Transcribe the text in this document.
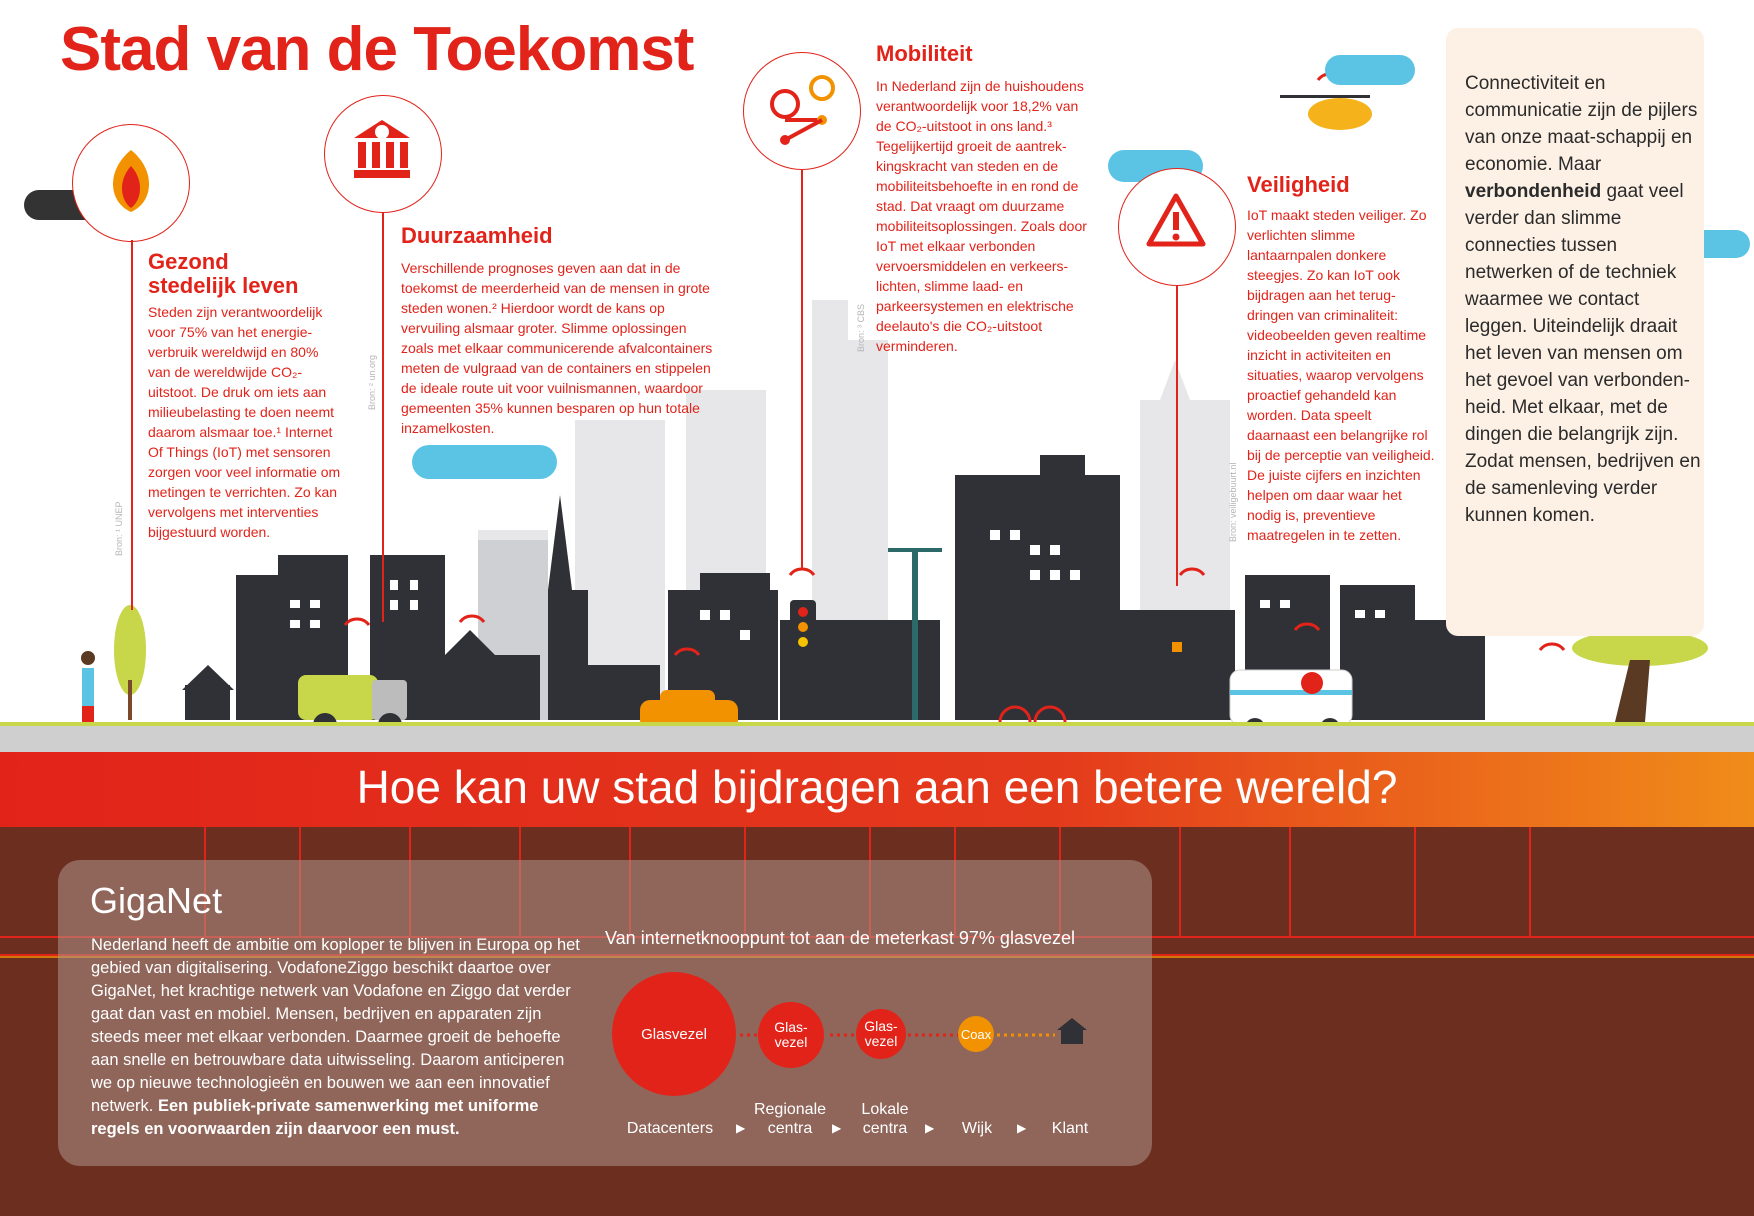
Stad van de Toekomst
Gezond
stedelijk leven
Steden zijn verantwoordelijk voor 75% van het energie-verbruik wereldwijd en 80% van de wereldwijde CO₂-uitstoot. De druk om iets aan milieubelasting te doen neemt daarom alsmaar toe.¹ Internet Of Things (IoT) met sensoren zorgen voor veel informatie om metingen te verrichten. Zo kan vervolgens met interventies bijgestuurd worden.
Bron: ¹ UNEP
Duurzaamheid
Verschillende prognoses geven aan dat in de toekomst de meerderheid van de mensen in grote steden wonen.² Hierdoor wordt de kans op vervuiling alsmaar groter. Slimme oplossingen zoals met elkaar communicerende afvalcontainers meten de vulgraad van de containers en stippelen de ideale route uit voor vuilnismannen, waardoor gemeenten 35% kunnen besparen op hun totale inzamelkosten.
Bron: ² un.org
Mobiliteit
In Nederland zijn de huishoudens verantwoordelijk voor 18,2% van de CO₂-uitstoot in ons land.³ Tegelijkertijd groeit de aantrek-kingskracht van steden en de mobiliteitsbehoefte in en rond de stad. Dat vraagt om duurzame mobiliteitsoplossingen. Zoals door IoT met elkaar verbonden vervoersmiddelen en verkeers-lichten, slimme laad- en parkeersystemen en elektrische deelauto's die CO₂-uitstoot verminderen.
Bron: ³ CBS
Veiligheid
IoT maakt steden veiliger. Zo verlichten slimme lantaarnpalen donkere steegjes. Zo kan IoT ook bijdragen aan het terug-dringen van criminaliteit: videobeelden geven realtime inzicht in activiteiten en situaties, waarop vervolgens proactief gehandeld kan worden. Data speelt daarnaast een belangrijke rol bij de perceptie van veiligheid. De juiste cijfers en inzichten helpen om daar waar het nodig is, preventieve maatregelen in te zetten.
Bron: veiligebuurt.nl
Connectiviteit en communicatie zijn de pijlers van onze maat-schappij en economie. Maar verbondenheid gaat veel verder dan slimme connecties tussen netwerken of de techniek waarmee we contact leggen. Uiteindelijk draait het leven van mensen om het gevoel van verbonden-heid. Met elkaar, met de dingen die belangrijk zijn. Zodat mensen, bedrijven en de samenleving verder kunnen komen.
Hoe kan uw stad bijdragen aan een betere wereld?
GigaNet
Nederland heeft de ambitie om koploper te blijven in Europa op het gebied van digitalisering. VodafoneZiggo beschikt daartoe over GigaNet, het krachtige netwerk van Vodafone en Ziggo dat verder gaat dan vast en mobiel. Mensen, bedrijven en apparaten zijn steeds meer met elkaar verbonden. Daarmee groeit de behoefte aan snelle en betrouwbare data uitwisseling. Daarom anticiperen we op nieuwe technologieën en bouwen we aan een innovatief netwerk. Een publiek-private samenwerking met uniforme regels en voorwaarden zijn daarvoor een must.
Van internetknooppunt tot aan de meterkast 97% glasvezel
Glasvezel	Glas-
vezel
Glas-
vezel	Coax
Datacenters	▶
Regionale centra	▶
Lokale centra	▶	Wijk	▶	Klant
